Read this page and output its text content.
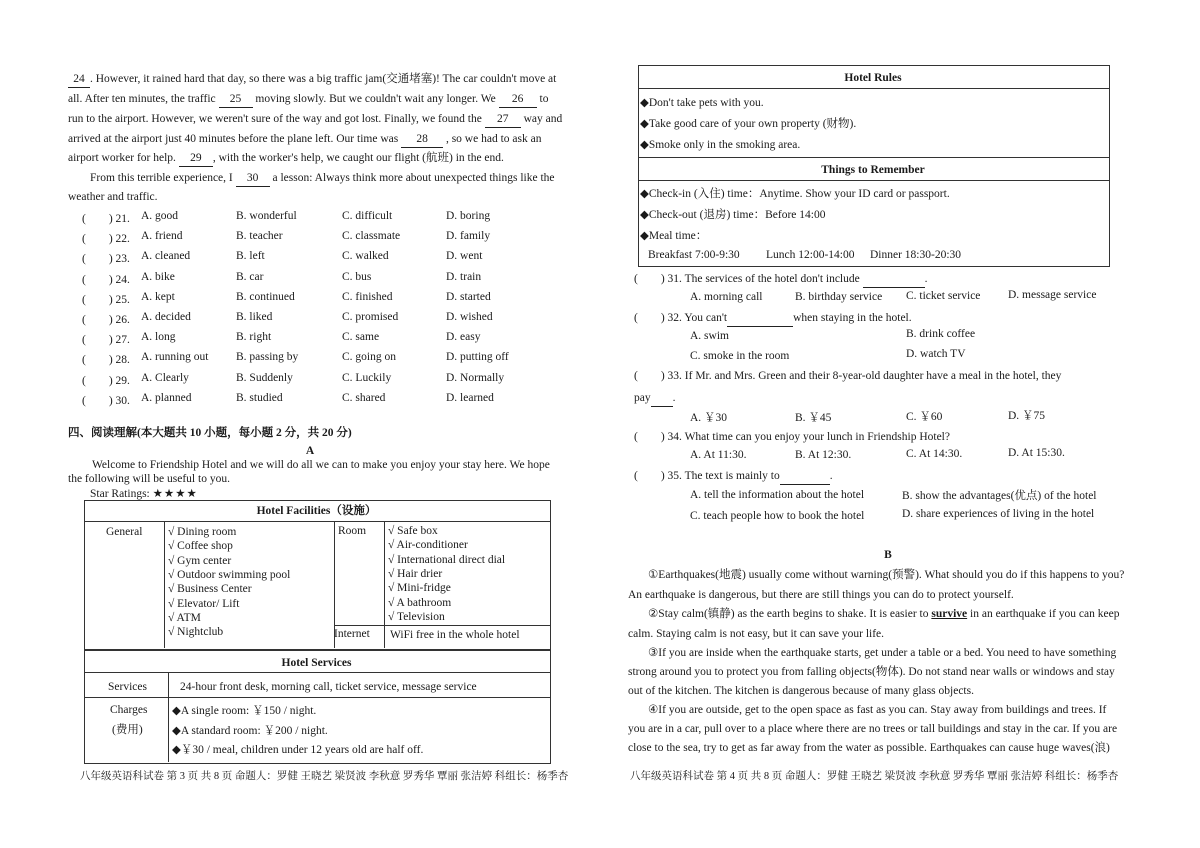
24 . However, it rained hard that day, so there was a big traffic jam(交通堵塞)! The car couldn't move at
all. After ten minutes, the traffic 25 moving slowly. But we couldn't wait any longer. We 26 to
run to the airport. However, we weren't sure of the way and got lost. Finally, we found the 27 way and
arrived at the airport just 40 minutes before the plane left. Our time was 28 , so we had to ask an
airport worker for help. 29 , with the worker's help, we caught our flight (航班) in the end.
From this terrible experience, I 30 a lesson: Always think more about unexpected things like the
weather and traffic.
(　　) 21. A. good	B. wonderful	C. difficult	D. boring
(　　) 22. A. friend	B. teacher	C. classmate	D. family
(　　) 23. A. cleaned	B. left	C. walked	D. went
(　　) 24. A. bike	B. car	C. bus	D. train
(　　) 25. A. kept	B. continued	C. finished	D. started
(　　) 26. A. decided	B. liked	C. promised	D. wished
(　　) 27. A. long	B. right	C. same	D. easy
(　　) 28. A. running out B. passing by	C. going on	D. putting off
(　　) 29. A. Clearly	B. Suddenly	C. Luckily	D. Normally
(　　) 30. A. planned	B. studied	C. shared	D. learned
四、阅读理解(本大题共 10 小题，每小题 2 分，共 20 分)
A
Welcome to Friendship Hotel and we will do all we can to make you enjoy your stay here. We hope
the following will be useful to you.
Star Ratings: ★★★★
Hotel Facilities（设施）
General √ Dining room
√ Coffee shop
√ Gym center
√ Outdoor swimming pool
√ Business Center
√ Elevator/ Lift
√ ATM
√ Nightclub
Room √ Safe box
√ Air-conditioner
√ International direct dial
√ Hair drier
√ Mini-fridge
√ A bathroom
√ Television
Internet WiFi free in the whole hotel
Hotel Services
Services	24-hour front desk, morning call, ticket service, message service
Charges
(费用)
◆A single room: ￥150 / night.
◆A standard room: ￥200 / night.
◆￥30 / meal, children under 12 years old are half off.
八年级英语科试卷 第 3 页 共 8 页 命题人：罗健 王晓艺 梁贤波 李秋意 罗秀华 覃丽 张洁婷 科组长：杨季杏
Hotel Rules
◆Don't take pets with you.
◆Take good care of your own property (财物).
◆Smoke only in the smoking area.
Things to Remember
◆Check-in (入住) time：Anytime. Show your ID card or passport.
◆Check-out (退房) time：Before 14:00
◆Meal time：
Breakfast 7:00-9:30 Lunch 12:00-14:00 Dinner 18:30-20:30
(　　) 31. The services of the hotel don't include	.
A. morning call	B. birthday service C. ticket service D. message service
(　　) 32. You can't	when staying in the hotel.
A. swim	B. drink coffee
C. smoke in the room	D. watch TV
(　　) 33. If Mr. and Mrs. Green and their 8-year-old daughter have a meal in the hotel, they
pay .
A. ￥30	B. ￥45	C. ￥60	D. ￥75
(　　) 34. What time can you enjoy your lunch in Friendship Hotel?
A. At 11:30.	B. At 12:30.	C. At 14:30.	D. At 15:30.
(　　) 35. The text is mainly to	.
A. tell the information about the hotel	B. show the advantages(优点) of the hotel
C. teach people how to book the hotel	D. share experiences of living in the hotel
B
①Earthquakes(地震) usually come without warning(预警). What should you do if this happens to you?
An earthquake is dangerous, but there are still things you can do to protect yourself.
②Stay calm(镇静) as the earth begins to shake. It is easier to survive in an earthquake if you can keep
calm. Staying calm is not easy, but it can save your life.
③If you are inside when the earthquake starts, get under a table or a bed. You need to have something
strong around you to protect you from falling objects(物体). Do not stand near walls or windows and stay
out of the kitchen. The kitchen is dangerous because of many glass objects.
④If you are outside, get to the open space as fast as you can. Stay away from buildings and trees. If
you are in a car, pull over to a place where there are no trees or tall buildings and stay in the car. If you are
close to the sea, try to get as far away from the water as possible. Earthquakes can cause huge waves(浪)
八年级英语科试卷 第 4 页 共 8 页 命题人：罗健 王晓艺 梁贤波 李秋意 罗秀华 覃丽 张洁婷 科组长：杨季杏
